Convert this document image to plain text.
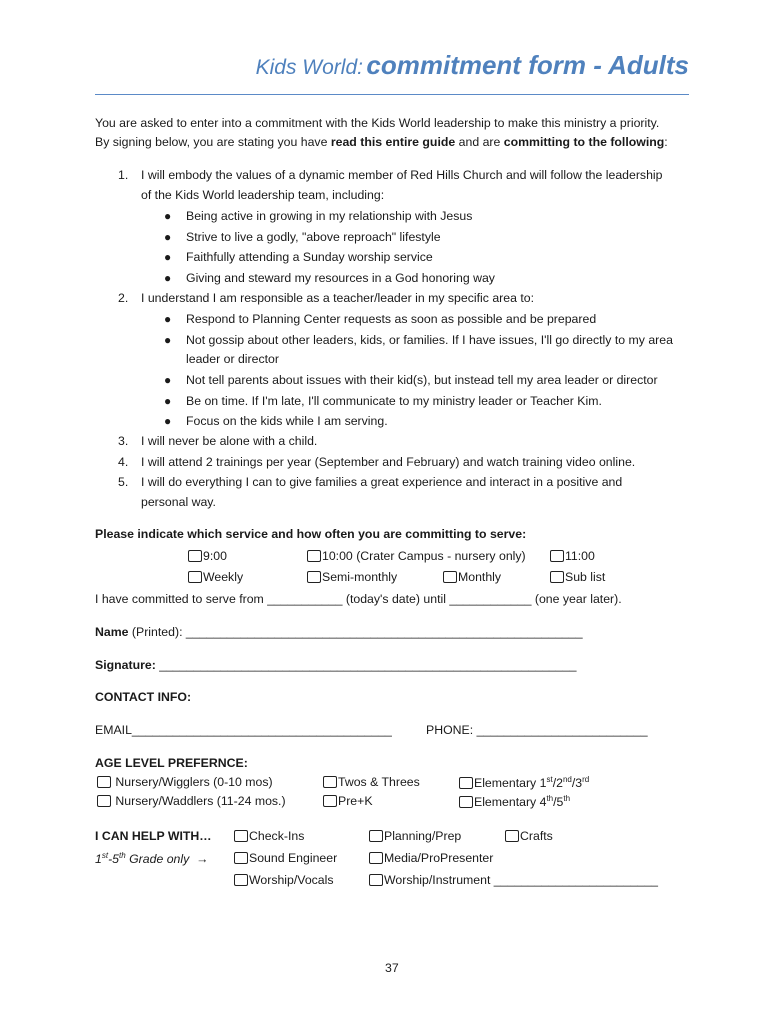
Kids World: commitment form - Adults
You are asked to enter into a commitment with the Kids World leadership to make this ministry a priority.
By signing below, you are stating you have read this entire guide and are committing to the following:
1. I will embody the values of a dynamic member of Red Hills Church and will follow the leadership
of the Kids World leadership team, including:
● Being active in growing in my relationship with Jesus
● Strive to live a godly, "above reproach" lifestyle
● Faithfully attending a Sunday worship service
● Giving and steward my resources in a God honoring way
2. I understand I am responsible as a teacher/leader in my specific area to:
● Respond to Planning Center requests as soon as possible and be prepared
● Not gossip about other leaders, kids, or families. If I have issues, I'll go directly to my area
leader or director
● Not tell parents about issues with their kid(s), but instead tell my area leader or director
● Be on time. If I'm late, I'll communicate to my ministry leader or Teacher Kim.
● Focus on the kids while I am serving.
3. I will never be alone with a child.
4. I will attend 2 trainings per year (September and February) and watch training video online.
5. I will do everything I can to give families a great experience and interact in a positive and
personal way.
Please indicate which service and how often you are committing to serve:
9:00	10:00 (Crater Campus - nursery only)	11:00
Weekly	Semi-monthly	Monthly	Sub list
I have committed to serve from ___________ (today's date) until ____________ (one year later).
Name (Printed): __________________________________________________________
Signature: _____________________________________________________________
CONTACT INFO:
EMAIL______________________________________	PHONE: _________________________
AGE LEVEL PREFERNCE:
Nursery/Wigglers (0-10 mos)	Twos & Threes	Elementary 1st/2nd/3rd
Nursery/Waddlers (11-24 mos.)	Pre+K	Elementary 4th/5th
I CAN HELP WITH…
1st-5th Grade only →
Check-Ins	Planning/Prep	Crafts
Sound Engineer	Media/ProPresenter
Worship/Vocals	Worship/Instrument ________________________
37
